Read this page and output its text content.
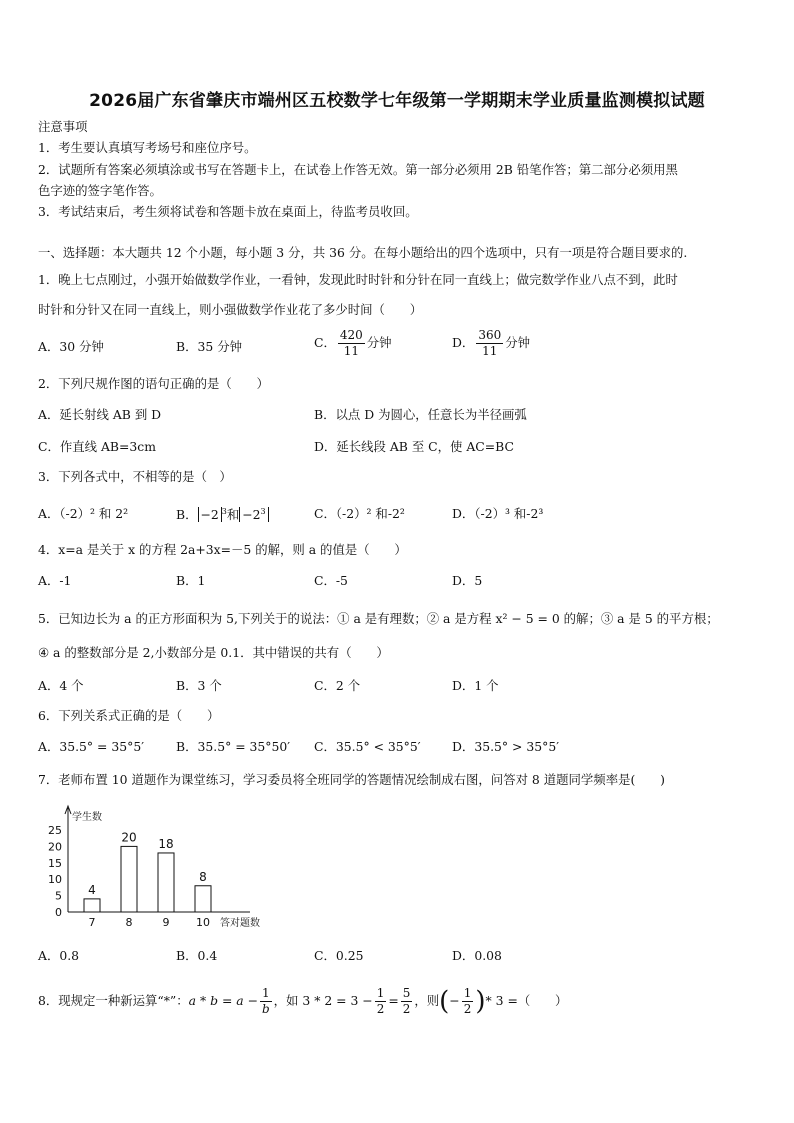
2026届广东省肇庆市端州区五校数学七年级第一学期期末学业质量监测模拟试题
注意事项
1．考生要认真填写考场号和座位序号。
2．试题所有答案必须填涂或书写在答题卡上，在试卷上作答无效。第一部分必须用 2B 铅笔作答；第二部分必须用黑
色字迹的签字笔作答。
3．考试结束后，考生须将试卷和答题卡放在桌面上，待监考员收回。
一、选择题：本大题共 12 个小题，每小题 3 分，共 36 分。在每小题给出的四个选项中，只有一项是符合题目要求的.
1．晚上七点刚过，小强开始做数学作业，一看钟，发现此时时针和分针在同一直线上；做完数学作业八点不到，此时
时针和分针又在同一直线上，则小强做数学作业花了多少时间（　　）
A．30 分钟	B．35 分钟	C． $\frac{420}{11}$ 分钟	D． $\frac{360}{11}$ 分钟
2．下列尺规作图的语句正确的是（　　）
A．延长射线 AB 到 D	B．以点 D 为圆心，任意长为半径画弧
C．作直线 AB=3cm	D．延长线段 AB 至 C，使 AC=BC
3．下列各式中，不相等的是（　）
A．（-2）² 和 2²	B． −2 $^3$和 $-2^3$	C．（-2）² 和-2²	D．（-2）³ 和-2³
4．x=a 是关于 x 的方程 2a+3x=－5 的解，则 a 的值是（　　）
A．-1	B．1	C．-5	D．5
5．已知边长为 a 的正方形面积为 5,下列关于的说法：① a 是有理数；② a 是方程 x² − 5 = 0 的解；③ a 是 5 的平方根；
④ a 的整数部分是 2,小数部分是 0.1．其中错误的共有（　　）
A．4 个	B．3 个	C．2 个	D．1 个
6．下列关系式正确的是（　　）
A．35.5° = 35°5′	B．35.5° = 35°50′ C．35.5° < 35°5′	D．35.5° > 35°5′
7．老师布置 10 道题作为课堂练习，学习委员将全班同学的答题情况绘制成右图，问答对 8 道题同学频率是(　　)
0
5
10
15
20
25
学生数
4
7
20
8
18
9
8
10 答对题数
A．0.8	B．0.4	C．0.25	D．0.08
8．现规定一种新运算“*”：$a * b = a - \frac{1}{b}$ ，如 $3 * 2 = 3 - \frac{1}{2} = \frac{5}{2}$ ，则(− $\frac{1}{2}$ )* 3 =（　　）
